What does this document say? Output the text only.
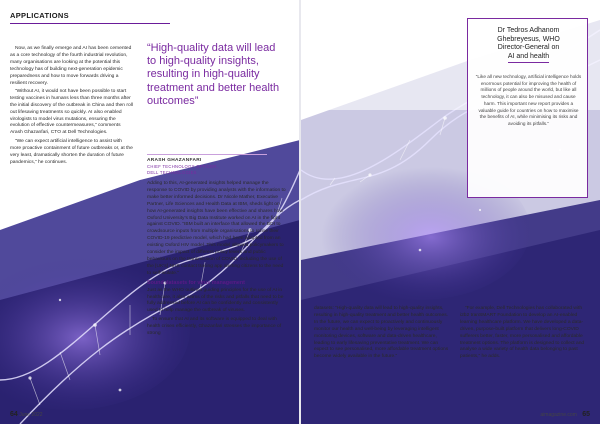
APPLICATIONS

Now, as we finally emerge and AI has been cemented as a core technology of the fourth industrial revolution, many organisations are looking at the potential this technology has of building next-generation epidemic preparedness and how to move forwards driving a resilient recovery.

“Without AI, it would not have been possible to start testing vaccines in humans less than three months after the initial discovery of the outbreak in China and then roll out lifesaving treatments so quickly. AI also enabled virologists to model virus mutations, ensuring the evolution of effective countermeasures,” comments Arash Ghazanfari, CTO at Dell Technologies.

“We can expect artificial intelligence to assist with more proactive containment of future outbreaks or, at the very least, dramatically shorten the duration of future pandemics,” he continues.

“High-quality data will lead to high-quality insights, resulting in high-quality treatment and better health outcomes”
ARASH GHAZANFARI
CHIEF TECHNOLOGY OFFICER,
DELL TECHNOLOGIES

Adding to this, AI-generated insights helped manage the response to COVID by providing analysts with the information to make better informed decisions. Dr Nicole Mather, Executive Partner, Life Sciences and Health Data at IBM, sheds light on how AI-generated insights have been effective and shares how Oxford University’s Big Data Institute worked on AI in the fight against COVID. “IBM built an interface that allowed the BDI to crowdsource inputs from multiple organisations to refine their COVID-19 predictive model, which had been adapted from an existing Oxford HIV model. This model allowed policymakers to consider the impact of different policy levers and public behaviours on the transmission of COVID, including the use of the [UK’s] NHS contact tracing app alerting citizens to the need to self-isolate.”

Sound datasets for virus management

Just as the WHO outlines guiding principles for the use of AI in healthcare, it also warns of the risks and pitfalls that need to be fully addressed before AI can be confidently and consistently used to help manage the outbreak of viruses.

To ensure that AI and its software is equipped to deal with health crises efficiently, Ghazanfari stresses the importance of strong

64 June 2022

datasets: “High-quality data will lead to high-quality insights, resulting in high-quality treatment and better health outcomes. In the future, we can expect to proactively and continuously monitor our health and well-being by leveraging intelligent monitoring devices, software and data-driven healthcare, leading to early lifesaving preventative treatment. We can expect to see personalised, more affordable treatment options become widely available in the future.”

“For example, Dell Technologies has collaborated with i2b2 tranSMART Foundation to develop an AI-enabled learning healthcare platform. We have developed a data-driven, purpose-built platform that delivers long-COVID sufferers better, faster, more personalised and affordable treatment options. The platform is designed to collect and analyse a wide variety of health data belonging to past patients,” he adds.

Dr Tedros Adhanom
Ghebreyesus, WHO
Director-General on
AI and health
“Like all new technology, artificial intelligence holds enormous potential for improving the health of millions of people around the world, but like all technology, it can also be misused and cause harm. This important new report provides a valuable guide for countries on how to maximise the benefits of AI, while minimising its risks and avoiding its pitfalls.”
aimagazine.com 65
